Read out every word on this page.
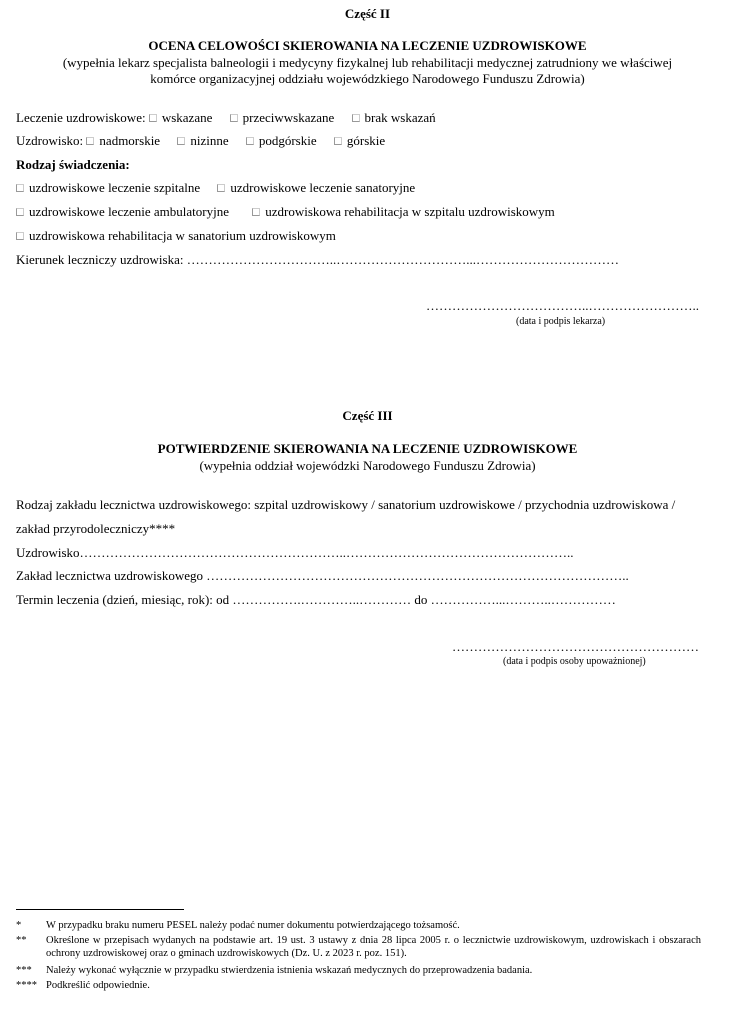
Część II
OCENA CELOWOŚCI SKIEROWANIA NA LECZENIE UZDROWISKOWE
(wypełnia lekarz specjalista balneologii i medycyny fizykalnej lub rehabilitacji medycznej zatrudniony we właściwej
komórce organizacyjnej oddziału wojewódzkiego Narodowego Funduszu Zdrowia)
Leczenie uzdrowiskowe: wskazane przeciwwskazane brak wskazań
Uzdrowisko: nadmorskie nizinne podgórskie górskie
Rodzaj świadczenia:
uzdrowiskowe leczenie szpitalne uzdrowiskowe leczenie sanatoryjne
uzdrowiskowe leczenie ambulatoryjne	uzdrowiskowa rehabilitacja w szpitalu uzdrowiskowym
uzdrowiskowa rehabilitacja w sanatorium uzdrowiskowym
Kierunek leczniczy uzdrowiska: ……………………………..…………………………...……………………………
………………………………..……………………..
(data i podpis lekarza)
Część III
POTWIERDZENIE SKIEROWANIA NA LECZENIE UZDROWISKOWE
(wypełnia oddział wojewódzki Narodowego Funduszu Zdrowia)
Rodzaj zakładu lecznictwa uzdrowiskowego: szpital uzdrowiskowy / sanatorium uzdrowiskowe / przychodnia uzdrowiskowa /
zakład przyrodoleczniczy****
Uzdrowisko……………………………………………………..……………………………………………..
Zakład lecznictwa uzdrowiskowego ……………………………………………………………………………………..
Termin leczenia (dzień, miesiąc, rok): od …………….…………..………… do ……………...………..……………
…………………………………………………
(data i podpis osoby upoważnionej)
* W przypadku braku numeru PESEL należy podać numer dokumentu potwierdzającego tożsamość.
** Określone w przepisach wydanych na podstawie art. 19 ust. 3 ustawy z dnia 28 lipca 2005 r. o lecznictwie uzdrowiskowym, uzdrowiskach i obszarach ochrony uzdrowiskowej oraz o gminach uzdrowiskowych (Dz. U. z 2023 r. poz. 151).
*** Należy wykonać wyłącznie w przypadku stwierdzenia istnienia wskazań medycznych do przeprowadzenia badania.
**** Podkreślić odpowiednie.
